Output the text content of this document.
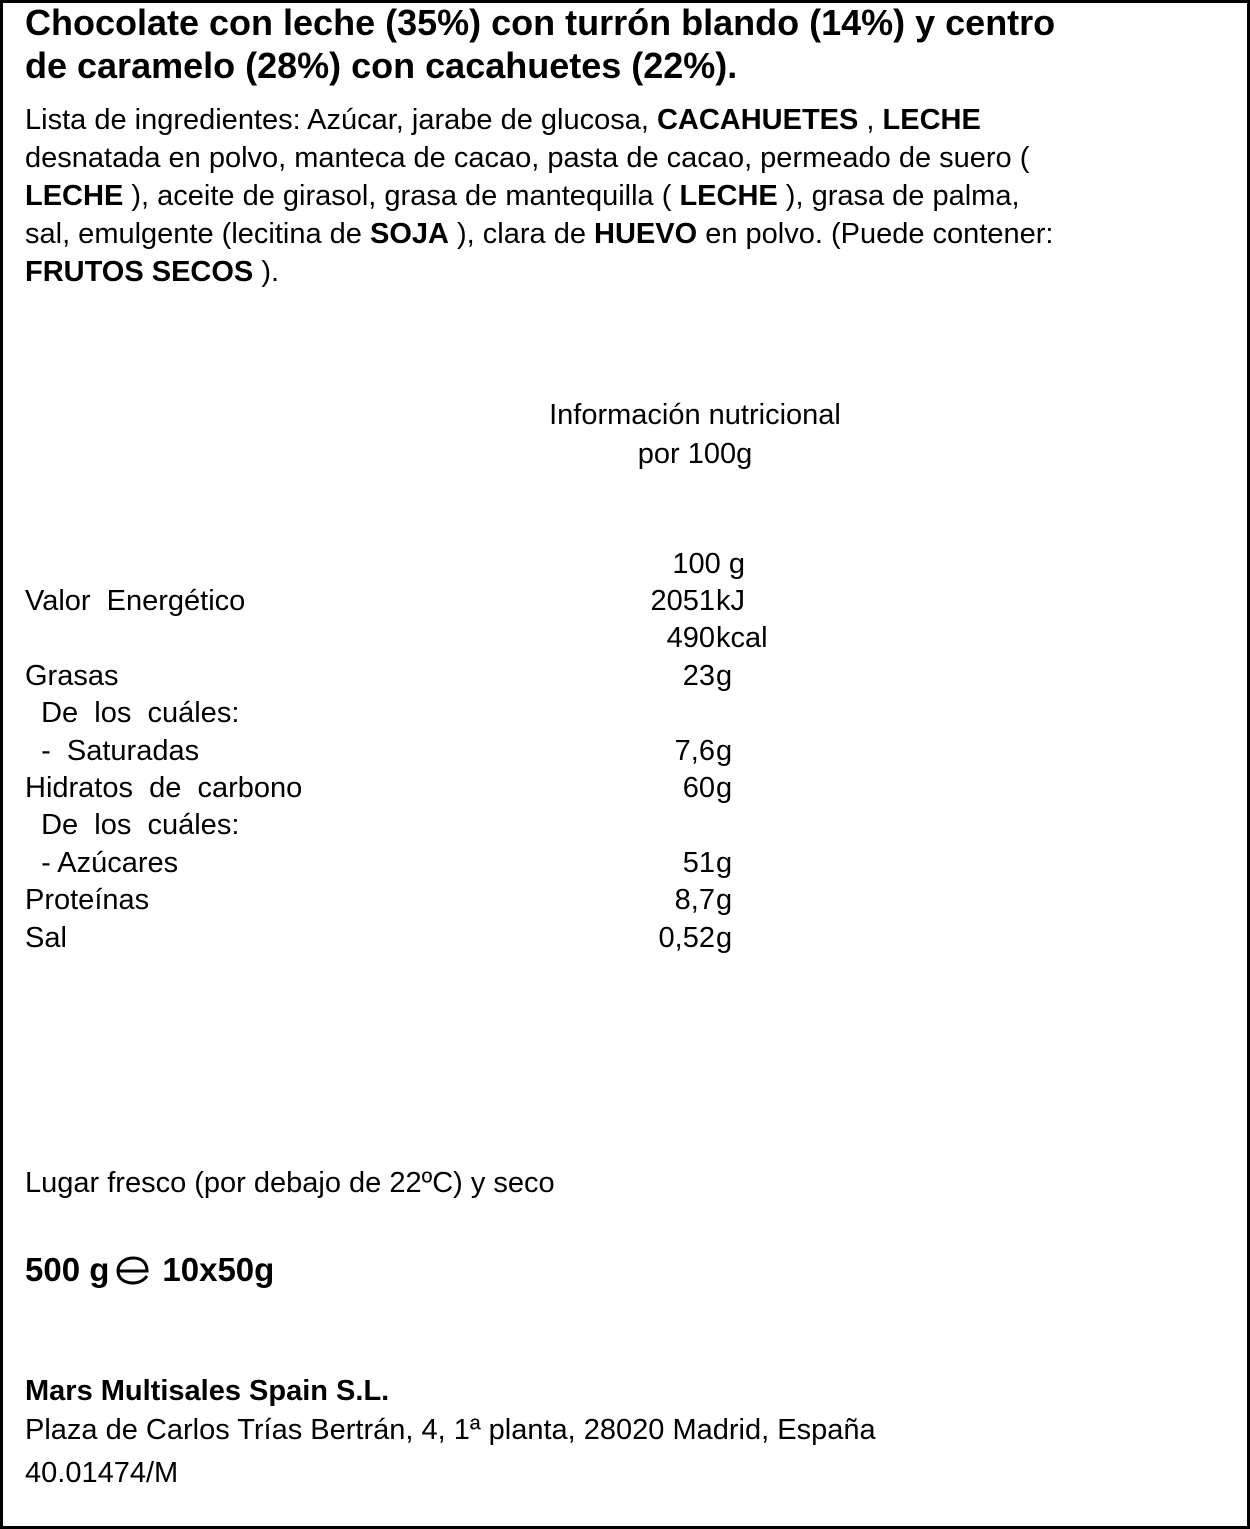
Chocolate con leche (35%) con turrón blando (14%) y centro
de caramelo (28%) con cacahuetes (22%).
Lista de ingredientes: Azúcar, jarabe de glucosa, CACAHUETES , LECHE
desnatada en polvo, manteca de cacao, pasta de cacao, permeado de suero (
LECHE ), aceite de girasol, grasa de mantequilla ( LECHE ), grasa de palma,
sal, emulgente (lecitina de SOJA ), clara de HUEVO en polvo. (Puede contener:
FRUTOS SECOS ).
Información nutricional
por 100g
100 g
Valor  Energético	2051 kJ
490 kcal
Grasas	23 g
De  los  cuáles:
-  Saturadas	7,6 g
Hidratos  de  carbono	60 g
De  los  cuáles:
- Azúcares	51 g
Proteínas	8,7 g
Sal	0,52 g
Lugar fresco (por debajo de 22ºC) y seco
500 g 10x50g
Mars Multisales Spain S.L.
Plaza de Carlos Trías Bertrán, 4, 1ª planta, 28020 Madrid, España
40.01474/M
